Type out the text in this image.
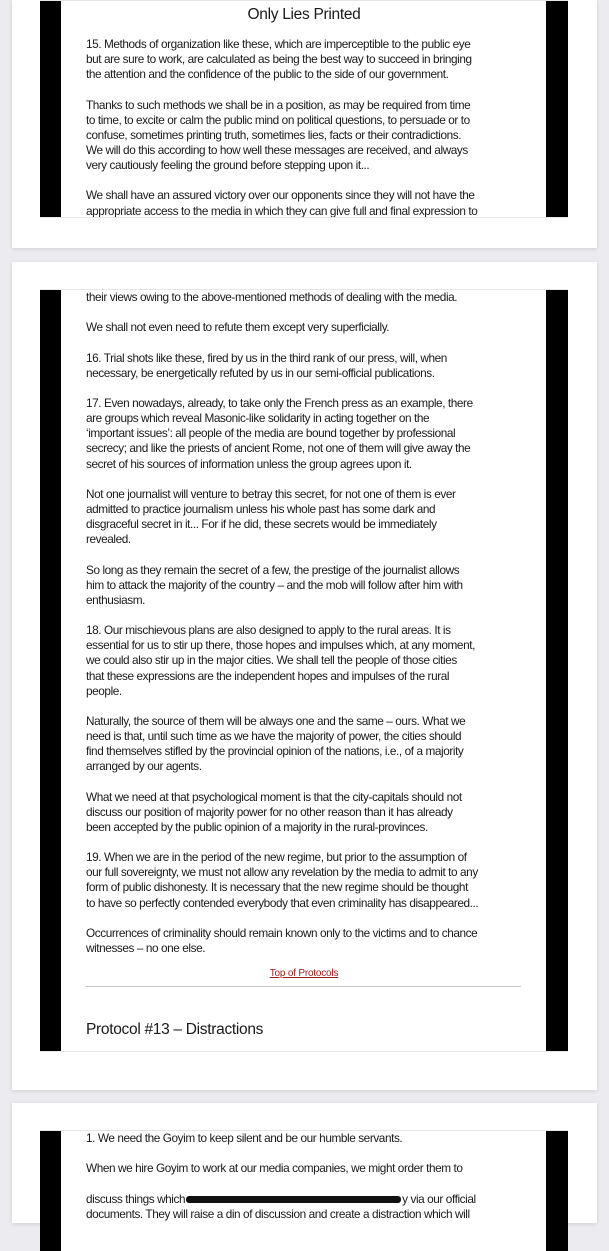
Only Lies Printed
15. Methods of organization like these, which are imperceptible to the public eye
but are sure to work, are calculated as being the best way to succeed in bringing
the attention and the confidence of the public to the side of our government.
Thanks to such methods we shall be in a position, as may be required from time
to time, to excite or calm the public mind on political questions, to persuade or to
confuse, sometimes printing truth, sometimes lies, facts or their contradictions.
We will do this according to how well these messages are received, and always
very cautiously feeling the ground before stepping upon it...
We shall have an assured victory over our opponents since they will not have the
appropriate access to the media in which they can give full and final expression to
their views owing to the above-mentioned methods of dealing with the media.
We shall not even need to refute them except very superficially.
16. Trial shots like these, fired by us in the third rank of our press, will, when
necessary, be energetically refuted by us in our semi-official publications.
17. Even nowadays, already, to take only the French press as an example, there
are groups which reveal Masonic-like solidarity in acting together on the
‘important issues’: all people of the media are bound together by professional
secrecy; and like the priests of ancient Rome, not one of them will give away the
secret of his sources of information unless the group agrees upon it.
Not one journalist will venture to betray this secret, for not one of them is ever
admitted to practice journalism unless his whole past has some dark and
disgraceful secret in it... For if he did, these secrets would be immediately
revealed.
So long as they remain the secret of a few, the prestige of the journalist allows
him to attack the majority of the country – and the mob will follow after him with
enthusiasm.
18. Our mischievous plans are also designed to apply to the rural areas. It is
essential for us to stir up there, those hopes and impulses which, at any moment,
we could also stir up in the major cities. We shall tell the people of those cities
that these expressions are the independent hopes and impulses of the rural
people.
Naturally, the source of them will be always one and the same – ours. What we
need is that, until such time as we have the majority of power, the cities should
find themselves stifled by the provincial opinion of the nations, i.e., of a majority
arranged by our agents.
What we need at that psychological moment is that the city-capitals should not
discuss our position of majority power for no other reason than it has already
been accepted by the public opinion of a majority in the rural-provinces.
19. When we are in the period of the new regime, but prior to the assumption of
our full sovereignty, we must not allow any revelation by the media to admit to any
form of public dishonesty. It is necessary that the new regime should be thought
to have so perfectly contended everybody that even criminality has disappeared...
Occurrences of criminality should remain known only to the victims and to chance
witnesses – no one else.
Top of Protocols
Protocol #13 – Distractions
1. We need the Goyim to keep silent and be our humble servants.
When we hire Goyim to work at our media companies, we might order them to
discuss things which	y via our official
documents. They will raise a din of discussion and create a distraction which will
